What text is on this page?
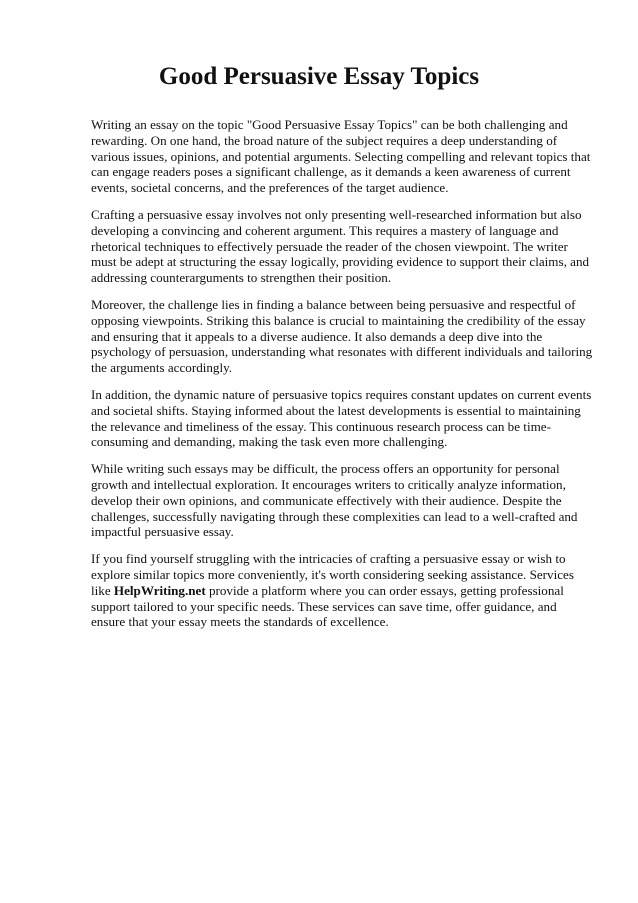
Good Persuasive Essay Topics

Writing an essay on the topic "Good Persuasive Essay Topics" can be both challenging and rewarding. On one hand, the broad nature of the subject requires a deep understanding of various issues, opinions, and potential arguments. Selecting compelling and relevant topics that can engage readers poses a significant challenge, as it demands a keen awareness of current events, societal concerns, and the preferences of the target audience.

Crafting a persuasive essay involves not only presenting well-researched information but also developing a convincing and coherent argument. This requires a mastery of language and rhetorical techniques to effectively persuade the reader of the chosen viewpoint. The writer must be adept at structuring the essay logically, providing evidence to support their claims, and addressing counterarguments to strengthen their position.

Moreover, the challenge lies in finding a balance between being persuasive and respectful of opposing viewpoints. Striking this balance is crucial to maintaining the credibility of the essay and ensuring that it appeals to a diverse audience. It also demands a deep dive into the psychology of persuasion, understanding what resonates with different individuals and tailoring the arguments accordingly.

In addition, the dynamic nature of persuasive topics requires constant updates on current events and societal shifts. Staying informed about the latest developments is essential to maintaining the relevance and timeliness of the essay. This continuous research process can be time-consuming and demanding, making the task even more challenging.

While writing such essays may be difficult, the process offers an opportunity for personal growth and intellectual exploration. It encourages writers to critically analyze information, develop their own opinions, and communicate effectively with their audience. Despite the challenges, successfully navigating through these complexities can lead to a well-crafted and impactful persuasive essay.

If you find yourself struggling with the intricacies of crafting a persuasive essay or wish to explore similar topics more conveniently, it's worth considering seeking assistance. Services like HelpWriting.net provide a platform where you can order essays, getting professional support tailored to your specific needs. These services can save time, offer guidance, and ensure that your essay meets the standards of excellence.
